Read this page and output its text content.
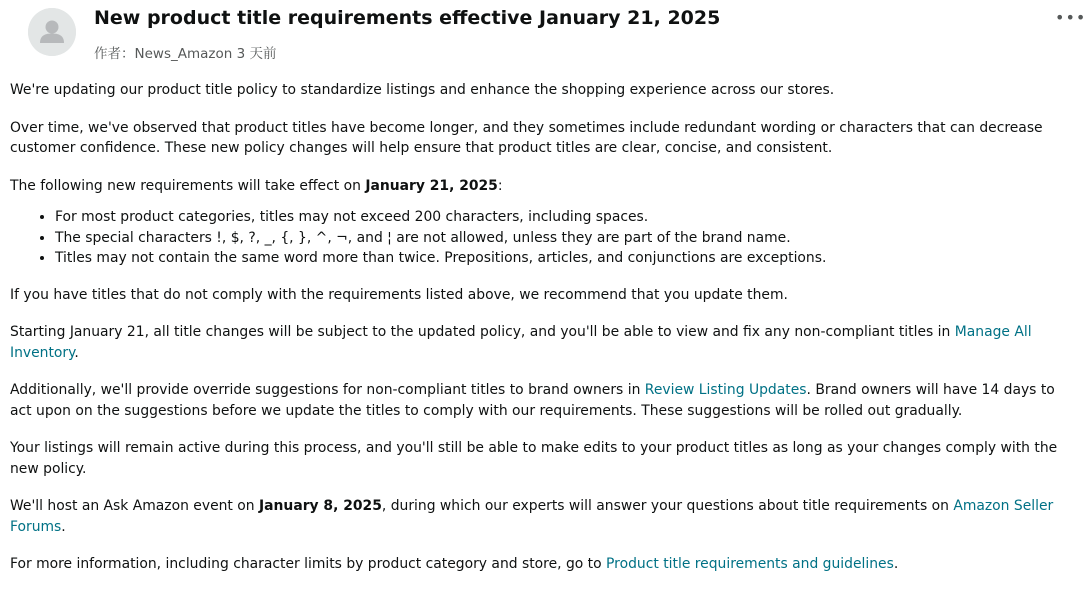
New product title requirements effective January 21, 2025
作者：News_Amazon 3 天前
•••

We're updating our product title policy to standardize listings and enhance the shopping experience across our stores.

Over time, we've observed that product titles have become longer, and they sometimes include redundant wording or characters that can decrease customer confidence. These new policy changes will help ensure that product titles are clear, concise, and consistent.

The following new requirements will take effect on January 21, 2025:

• For most product categories, titles may not exceed 200 characters, including spaces.
• The special characters !, $, ?, _, {, }, ^, ¬, and ¦ are not allowed, unless they are part of the brand name.
• Titles may not contain the same word more than twice. Prepositions, articles, and conjunctions are exceptions.

If you have titles that do not comply with the requirements listed above, we recommend that you update them.

Starting January 21, all title changes will be subject to the updated policy, and you'll be able to view and fix any non-compliant titles in Manage All Inventory.

Additionally, we'll provide override suggestions for non-compliant titles to brand owners in Review Listing Updates. Brand owners will have 14 days to act upon on the suggestions before we update the titles to comply with our requirements. These suggestions will be rolled out gradually.

Your listings will remain active during this process, and you'll still be able to make edits to your product titles as long as your changes comply with the new policy.

We'll host an Ask Amazon event on January 8, 2025, during which our experts will answer your questions about title requirements on Amazon Seller Forums.

For more information, including character limits by product category and store, go to Product title requirements and guidelines.
